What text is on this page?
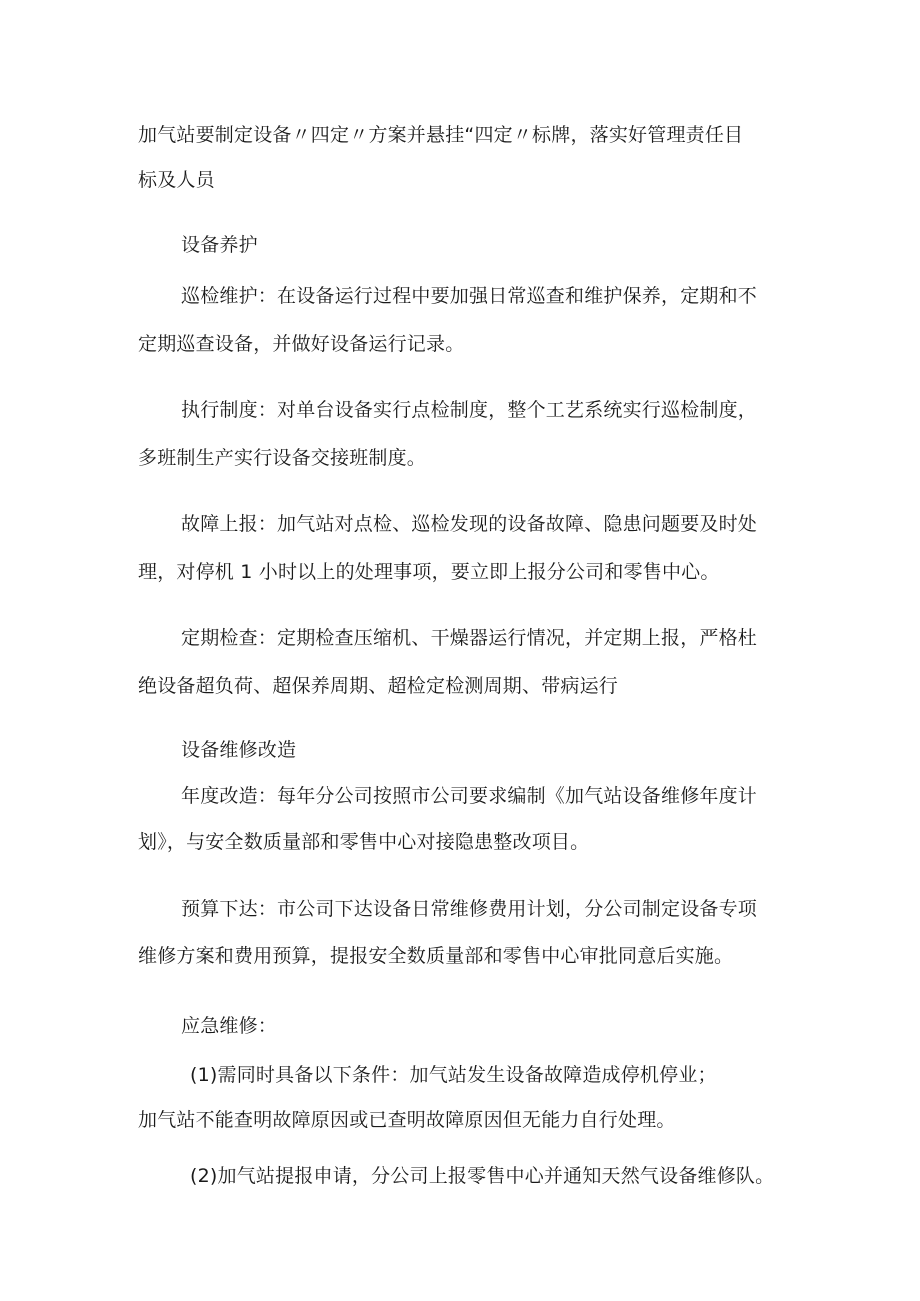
加气站要制定设备〃四定〃方案并悬挂“四定〃标牌，落实好管理责任目
标及人员
设备养护
巡检维护：在设备运行过程中要加强日常巡查和维护保养，定期和不
定期巡查设备，并做好设备运行记录。
执行制度：对单台设备实行点检制度，整个工艺系统实行巡检制度，
多班制生产实行设备交接班制度。
故障上报：加气站对点检、巡检发现的设备故障、隐患问题要及时处
理，对停机 1 小时以上的处理事项，要立即上报分公司和零售中心。
定期检查：定期检查压缩机、干燥器运行情况，并定期上报，严格杜
绝设备超负荷、超保养周期、超检定检测周期、带病运行
设备维修改造
年度改造：每年分公司按照市公司要求编制《加气站设备维修年度计
划》，与安全数质量部和零售中心对接隐患整改项目。
预算下达：市公司下达设备日常维修费用计划，分公司制定设备专项
维修方案和费用预算，提报安全数质量部和零售中心审批同意后实施。
应急维修：
(1)需同时具备以下条件：加气站发生设备故障造成停机停业；
加气站不能查明故障原因或已查明故障原因但无能力自行处理。
(2)加气站提报申请，分公司上报零售中心并通知天然气设备维修队。
